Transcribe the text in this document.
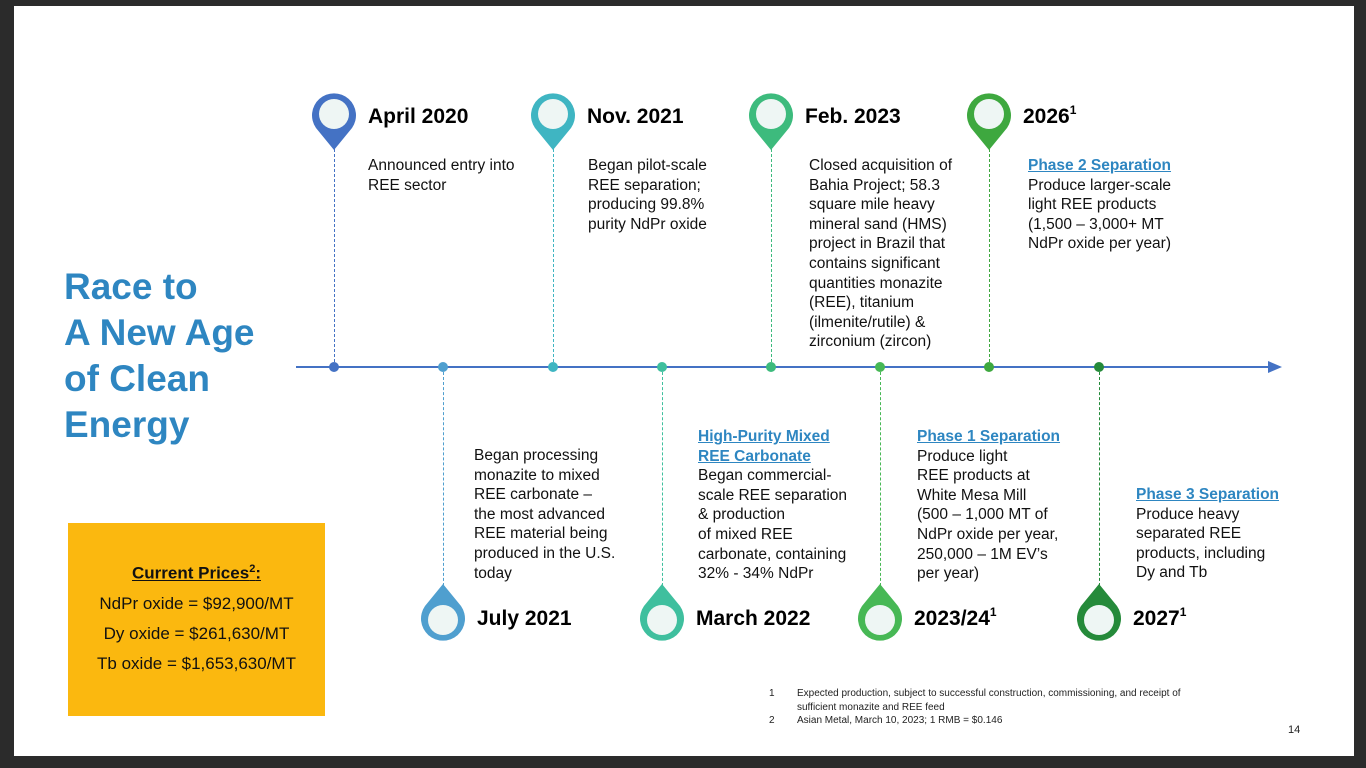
Race to
A New Age
of Clean
Energy
April 2020
Announced entry into
REE sector
July 2021
Began processing
monazite to mixed
REE carbonate –
the most advanced
REE material being
produced in the U.S.
today
Nov. 2021
Began pilot-scale
REE separation;
producing 99.8%
purity NdPr oxide
March 2022
High-Purity Mixed
REE Carbonate
Began commercial-
scale REE separation
& production
of mixed REE
carbonate, containing
32% - 34% NdPr
Feb. 2023
Closed acquisition of
Bahia Project; 58.3
square mile heavy
mineral sand (HMS)
project in Brazil that
contains significant
quantities monazite
(REE), titanium
(ilmenite/rutile) &
zirconium (zircon)
$2023/24^1$
Phase 1 Separation
Produce light
REE products at
White Mesa Mill
(500 – 1,000 MT of
NdPr oxide per year,
250,000 – 1M EV’s
per year)
2026$^1$
Phase 2 Separation
Produce larger-scale
light REE products
(1,500 – 3,000+ MT
NdPr oxide per year)
2027$^1$
Phase 3 Separation
Produce heavy
separated REE
products, including
Dy and Tb
Current Prices$^2$:
NdPr oxide = $92,900/MT
Dy oxide = $261,630/MT
Tb oxide = $1,653,630/MT
1	Expected production, subject to successful construction, commissioning, and receipt of sufficient monazite and REE feed
2	Asian Metal, March 10, 2023; 1 RMB = $0.146
14
